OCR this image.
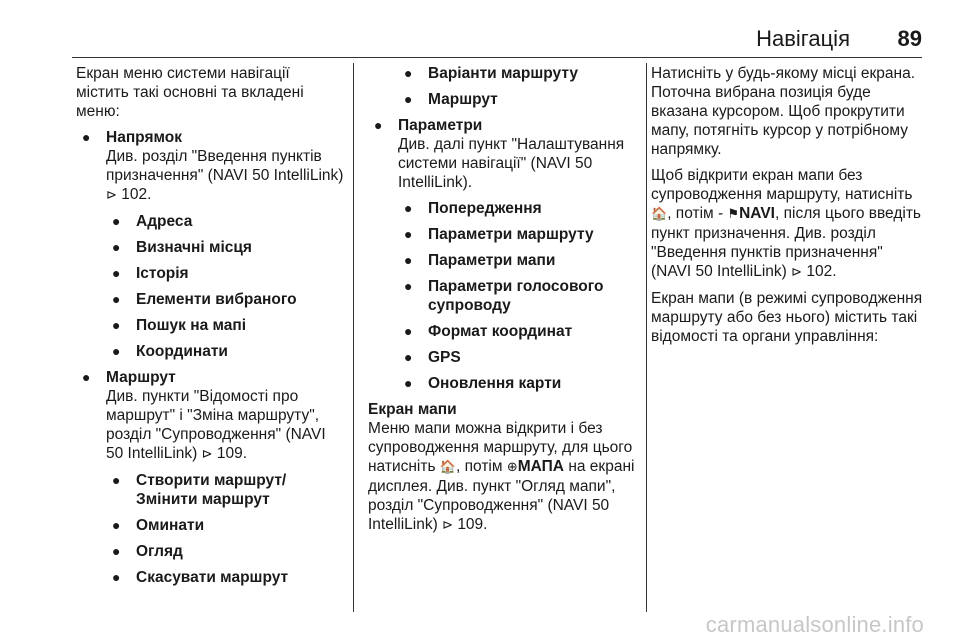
Навігація 89

Екран меню системи навігації містить такі основні та вкладені меню:

● Напрямок
Див. розділ "Введення пунктів призначення" (NAVI 50 IntelliLink) ⊳ 102.
● Адреса
● Визначні місця
● Історія
● Елементи вибраного
● Пошук на мапі
● Координати
● Маршрут
Див. пункти "Відомості про маршрут" і "Зміна маршруту", розділ "Супроводження" (NAVI 50 IntelliLink) ⊳ 109.
● Створити маршрут/Змінити маршрут
● Оминати
● Огляд
● Скасувати маршрут
● Варіанти маршруту
● Маршрут
● Параметри
Див. далі пункт "Налаштування системи навігації" (NAVI 50 IntelliLink).
● Попередження
● Параметри маршруту
● Параметри мапи
● Параметри голосового супроводу
● Формат координат
● GPS
● Оновлення карти
Екран мапи

Меню мапи можна відкрити і без супроводження маршруту, для цього натисніть 🏠, потім ⊕МАПА на екрані дисплея. Див. пункт "Огляд мапи", розділ "Супроводження" (NAVI 50 IntelliLink) ⊳ 109.

Натисніть у будь-якому місці екрана. Поточна вибрана позиція буде вказана курсором. Щоб прокрутити мапу, потягніть курсор у потрібному напрямку.

Щоб відкрити екран мапи без супроводження маршруту, натисніть 🏠, потім - ⚑NAVI, після цього введіть пункт призначення. Див. розділ "Введення пунктів призначення" (NAVI 50 IntelliLink) ⊳ 102.

Екран мапи (в режимі супроводження маршруту або без нього) містить такі відомості та органи управління:

carmanualsonline.info
